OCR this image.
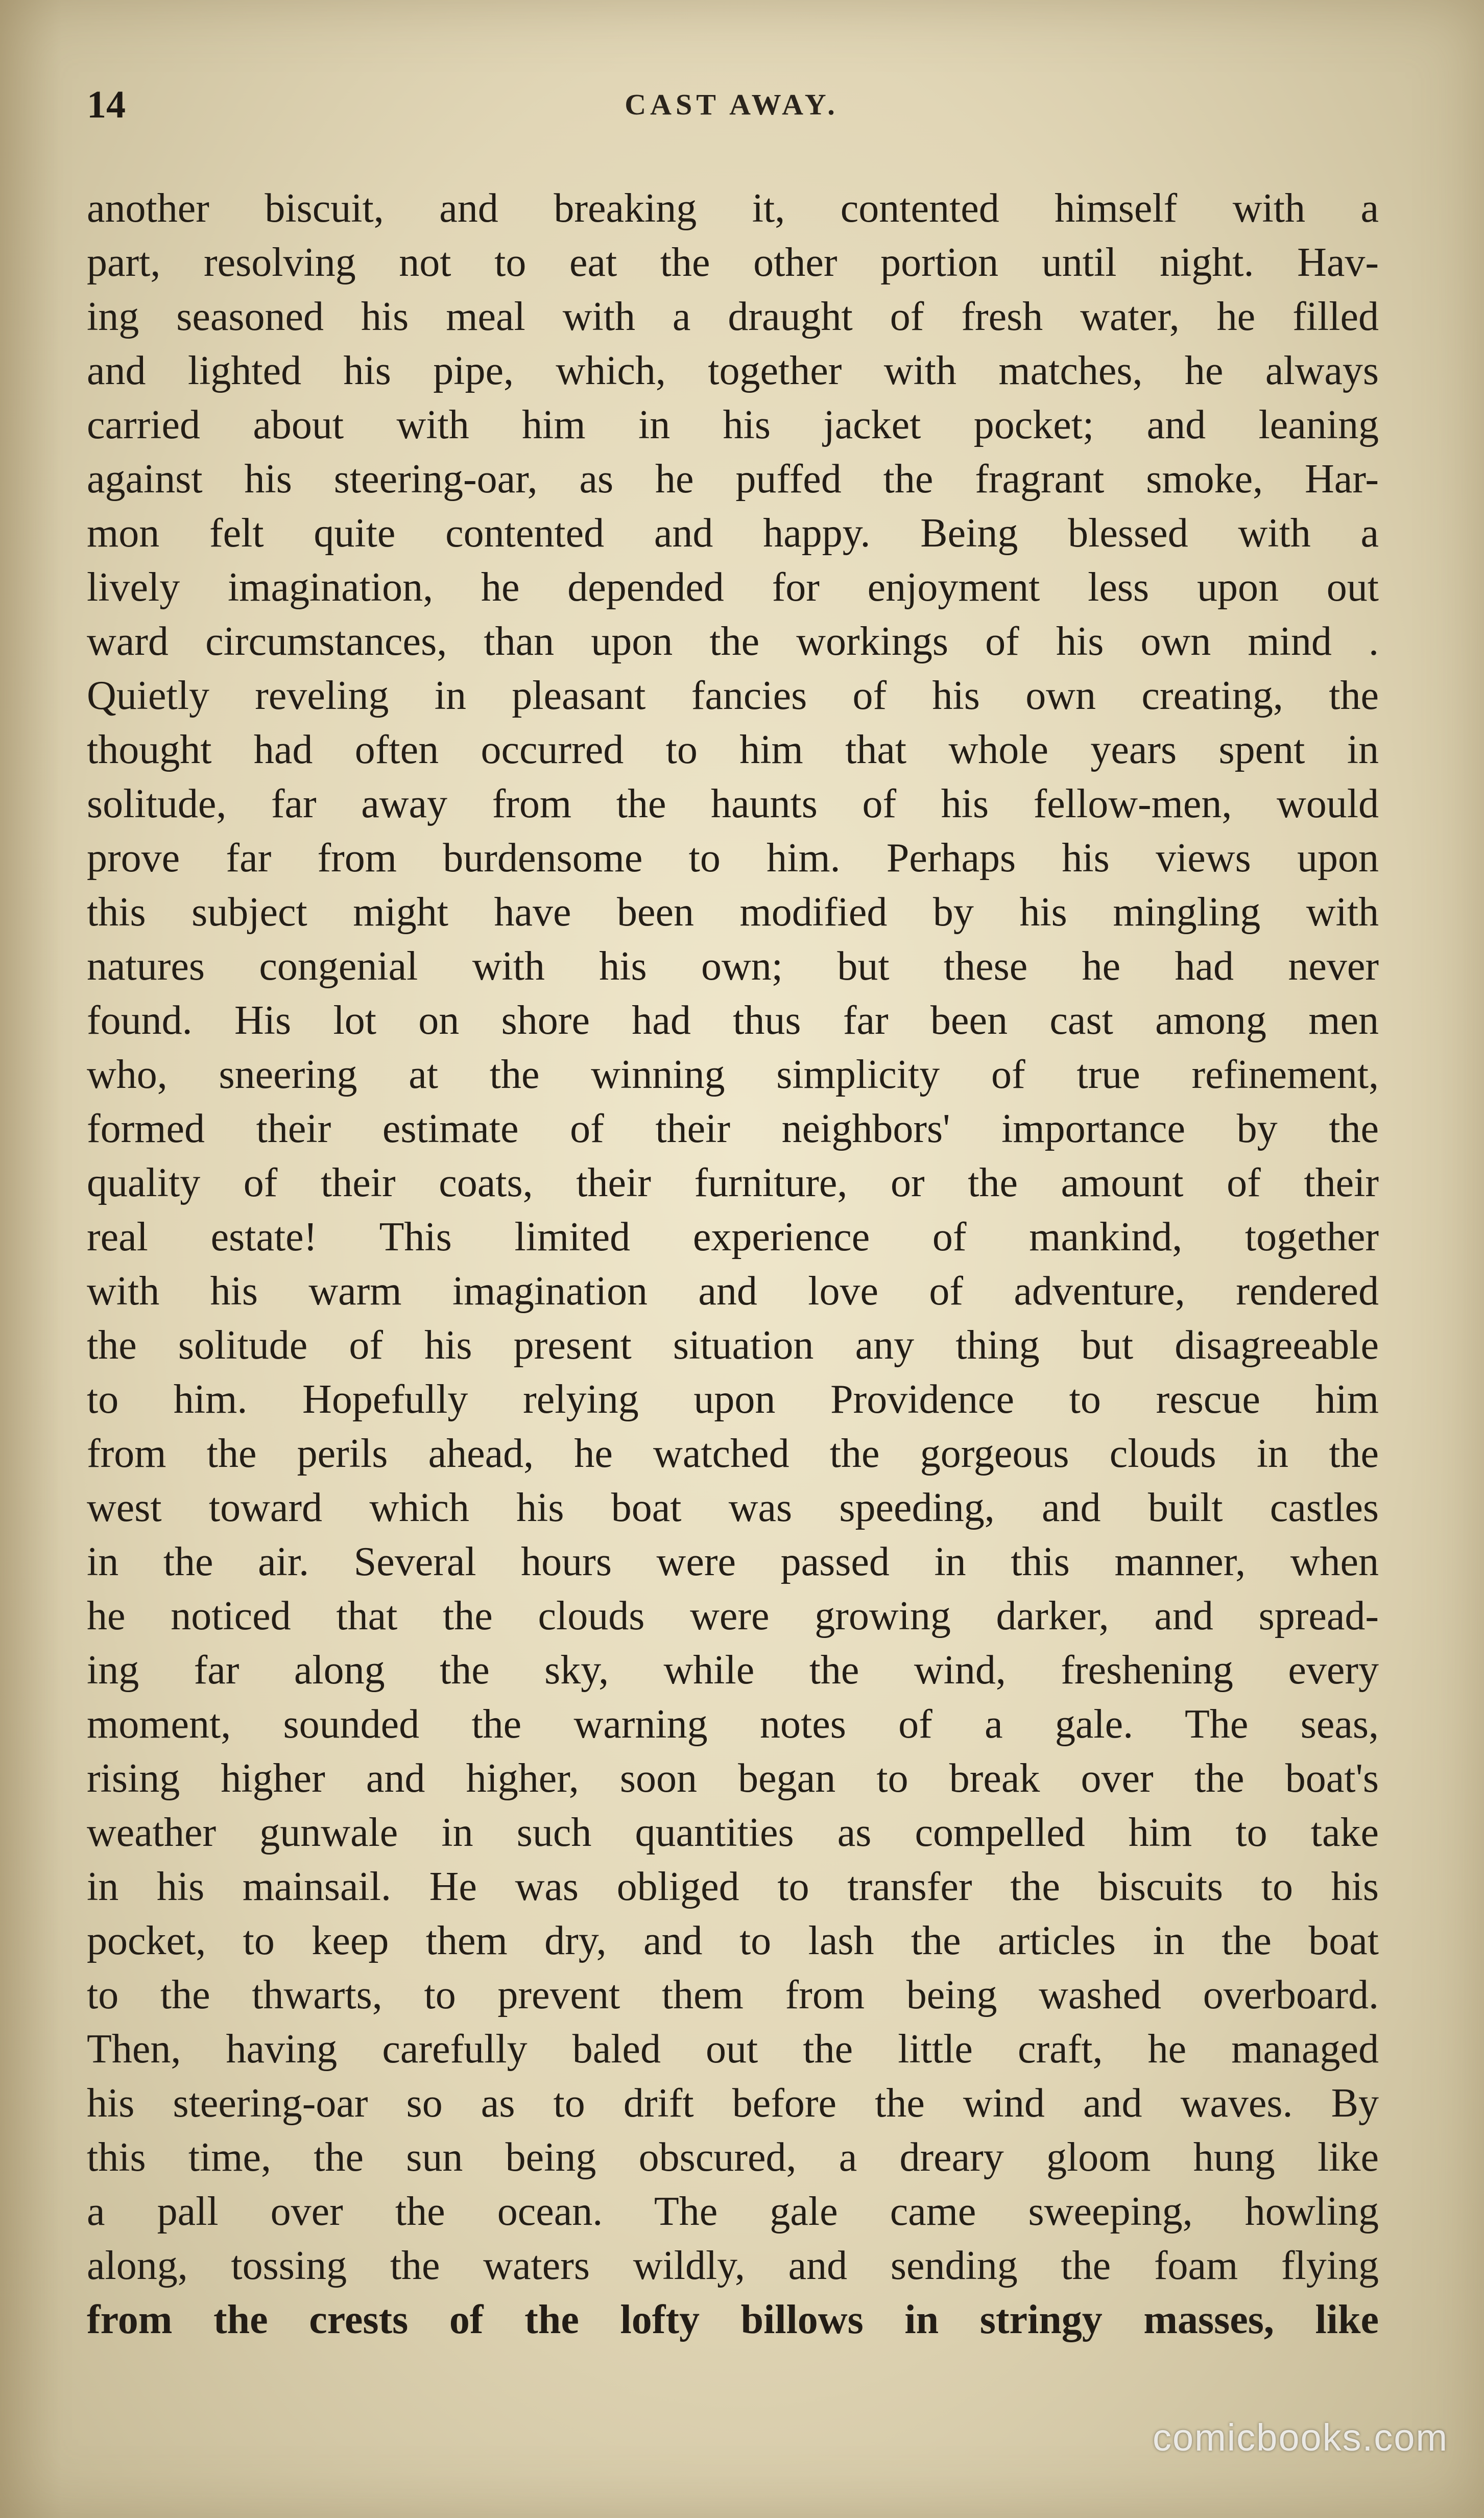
14	CAST AWAY.
another biscuit, and breaking it, contented himself with a
part, resolving not to eat the other portion until night. Hav-
ing seasoned his meal with a draught of fresh water, he filled
and lighted his pipe, which, together with matches, he always
carried about with him in his jacket pocket; and leaning
against his steering-oar, as he puffed the fragrant smoke, Har-
mon felt quite contented and happy. Being blessed with a
lively imagination, he depended for enjoyment less upon out
ward circumstances, than upon the workings of his own mind .
Quietly reveling in pleasant fancies of his own creating, the
thought had often occurred to him that whole years spent in
solitude, far away from the haunts of his fellow-men, would
prove far from burdensome to him. Perhaps his views upon
this subject might have been modified by his mingling with
natures congenial with his own; but these he had never
found. His lot on shore had thus far been cast among men
who, sneering at the winning simplicity of true refinement,
formed their estimate of their neighbors' importance by the
quality of their coats, their furniture, or the amount of their
real estate! This limited experience of mankind, together
with his warm imagination and love of adventure, rendered
the solitude of his present situation any thing but disagreeable
to him. Hopefully relying upon Providence to rescue him
from the perils ahead, he watched the gorgeous clouds in the
west toward which his boat was speeding, and built castles
in the air. Several hours were passed in this manner, when
he noticed that the clouds were growing darker, and spread-
ing far along the sky, while the wind, freshening every
moment, sounded the warning notes of a gale. The seas,
rising higher and higher, soon began to break over the boat's
weather gunwale in such quantities as compelled him to take
in his mainsail. He was obliged to transfer the biscuits to his
pocket, to keep them dry, and to lash the articles in the boat
to the thwarts, to prevent them from being washed overboard.
Then, having carefully baled out the little craft, he managed
his steering-oar so as to drift before the wind and waves. By
this time, the sun being obscured, a dreary gloom hung like
a pall over the ocean. The gale came sweeping, howling
along, tossing the waters wildly, and sending the foam flying
from the crests of the lofty billows in stringy masses, like
comicbooks.com
